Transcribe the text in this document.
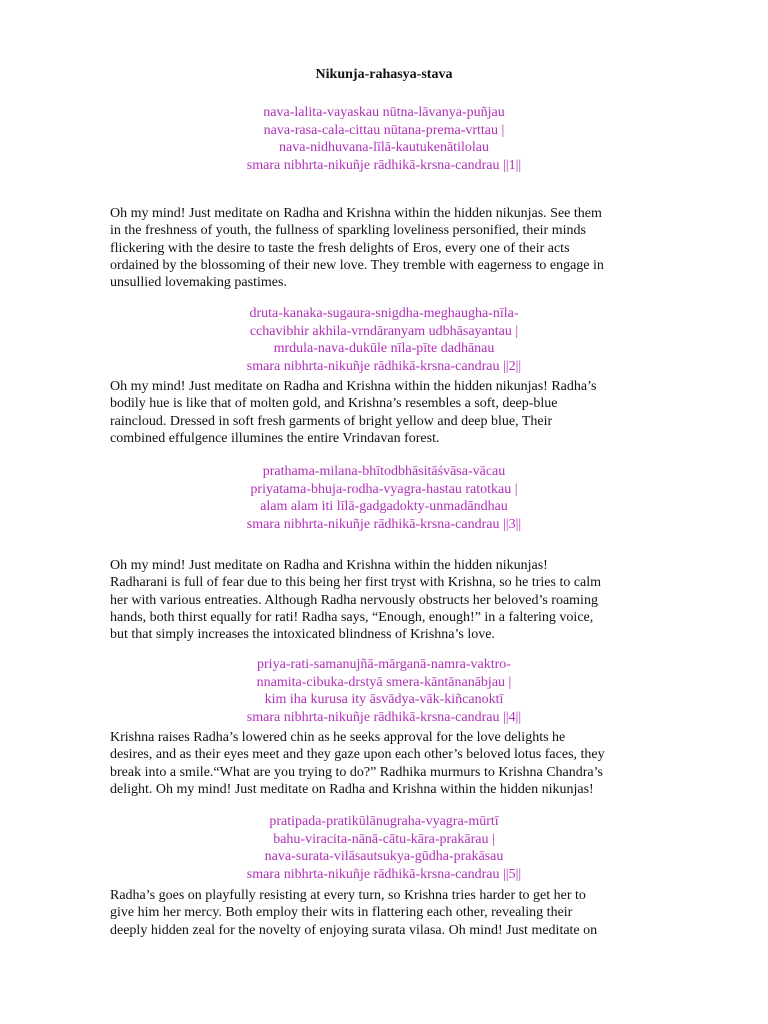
Nikunja-rahasya-stava
nava-lalita-vayaskau nūtna-lāvanya-puñjau
nava-rasa-cala-cittau nūtana-prema-vrttau |
nava-nidhuvana-līlā-kautukenātilolau
smara nibhrta-nikuñje rādhikā-krsna-candrau ||1||
Oh my mind! Just meditate on Radha and Krishna within the hidden nikunjas. See them
in the freshness of youth, the fullness of sparkling loveliness personified, their minds
flickering with the desire to taste the fresh delights of Eros, every one of their acts
ordained by the blossoming of their new love. They tremble with eagerness to engage in
unsullied lovemaking pastimes.
druta-kanaka-sugaura-snigdha-meghaugha-nīla-
cchavibhir akhila-vrndāranyam udbhāsayantau |
mrdula-nava-dukūle nīla-pīte dadhānau
smara nibhrta-nikuñje rādhikā-krsna-candrau ||2||
Oh my mind! Just meditate on Radha and Krishna within the hidden nikunjas! Radha’s
bodily hue is like that of molten gold, and Krishna’s resembles a soft, deep-blue
raincloud. Dressed in soft fresh garments of bright yellow and deep blue, Their
combined effulgence illumines the entire Vrindavan forest.
prathama-milana-bhītodbhāsitāśvāsa-vācau
priyatama-bhuja-rodha-vyagra-hastau ratotkau |
alam alam iti līlā-gadgadokty-unmadāndhau
smara nibhrta-nikuñje rādhikā-krsna-candrau ||3||
Oh my mind! Just meditate on Radha and Krishna within the hidden nikunjas!
Radharani is full of fear due to this being her first tryst with Krishna, so he tries to calm
her with various entreaties. Although Radha nervously obstructs her beloved’s roaming
hands, both thirst equally for rati! Radha says, “Enough, enough!” in a faltering voice,
but that simply increases the intoxicated blindness of Krishna’s love.
priya-rati-samanujñā-mārganā-namra-vaktro-
nnamita-cibuka-drstyā smera-kāntānanābjau |
kim iha kurusa ity āsvādya-vāk-kiñcanoktī
smara nibhrta-nikuñje rādhikā-krsna-candrau ||4||
Krishna raises Radha’s lowered chin as he seeks approval for the love delights he
desires, and as their eyes meet and they gaze upon each other’s beloved lotus faces, they
break into a smile.“What are you trying to do?” Radhika murmurs to Krishna Chandra’s
delight. Oh my mind! Just meditate on Radha and Krishna within the hidden nikunjas!
pratipada-pratikūlānugraha-vyagra-mūrtī
bahu-viracita-nānā-cātu-kāra-prakārau |
nava-surata-vilāsautsukya-gūdha-prakāsau
smara nibhrta-nikuñje rādhikā-krsna-candrau ||5||
Radha’s goes on playfully resisting at every turn, so Krishna tries harder to get her to
give him her mercy. Both employ their wits in flattering each other, revealing their
deeply hidden zeal for the novelty of enjoying surata vilasa. Oh mind! Just meditate on
